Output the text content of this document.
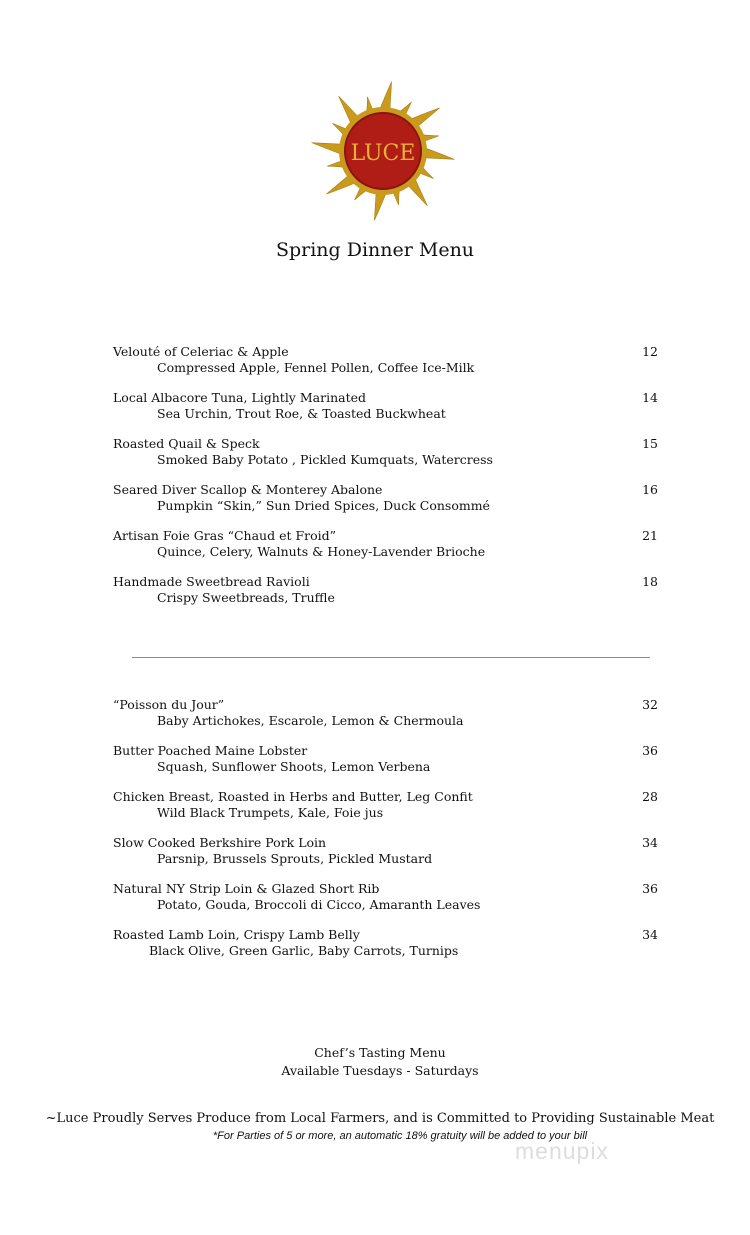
LUCE
Spring Dinner Menu
Velouté of Celeriac & Apple
Compressed Apple, Fennel Pollen, Coffee Ice-Milk
12
Local Albacore Tuna, Lightly Marinated
Sea Urchin, Trout Roe, & Toasted Buckwheat
14
Roasted Quail & Speck
Smoked Baby Potato , Pickled Kumquats, Watercress
15
Seared Diver Scallop & Monterey Abalone
Pumpkin “Skin,” Sun Dried Spices, Duck Consommé
16
Artisan Foie Gras “Chaud et Froid”
Quince, Celery, Walnuts & Honey-Lavender Brioche
21
Handmade Sweetbread Ravioli
Crispy Sweetbreads, Truffle
18
“Poisson du Jour”
Baby Artichokes, Escarole, Lemon & Chermoula
32
Butter Poached Maine Lobster
Squash, Sunflower Shoots, Lemon Verbena
36
Chicken Breast, Roasted in Herbs and Butter, Leg Confit
Wild Black Trumpets, Kale, Foie jus
28
Slow Cooked Berkshire Pork Loin
Parsnip, Brussels Sprouts, Pickled Mustard
34
Natural NY Strip Loin & Glazed Short Rib
Potato, Gouda, Broccoli di Cicco, Amaranth Leaves
36
Roasted Lamb Loin, Crispy Lamb Belly
Black Olive, Green Garlic, Baby Carrots, Turnips
34
Chef’s Tasting Menu
Available Tuesdays - Saturdays
~Luce Proudly Serves Produce from Local Farmers, and is Committed to Providing Sustainable Meat
*For Parties of 5 or more, an automatic 18% gratuity will be added to your bill
menupix
